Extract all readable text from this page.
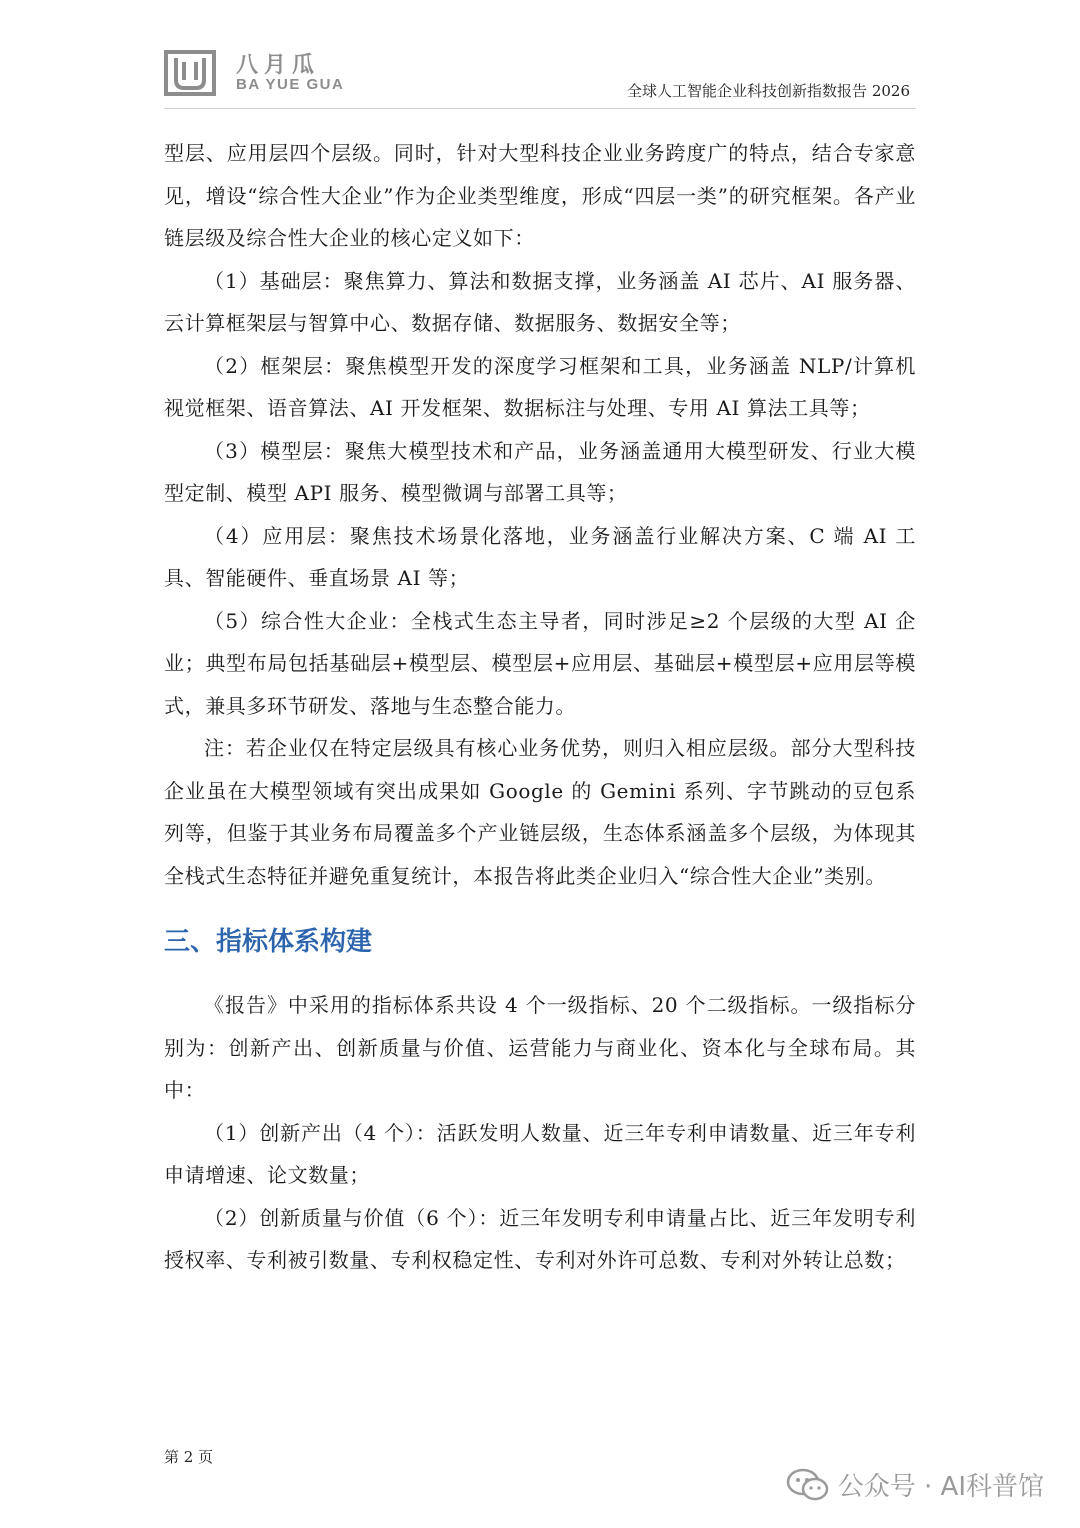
八月瓜
BA YUE GUA	全球人工智能企业科技创新指数报告 2026

型层、应用层四个层级。同时，针对大型科技企业业务跨度广的特点，结合专家意见，增设“综合性大企业”作为企业类型维度，形成“四层一类”的研究框架。各产业链层级及综合性大企业的核心定义如下：

（1）基础层：聚焦算力、算法和数据支撑，业务涵盖 AI 芯片、AI 服务器、云计算框架层与智算中心、数据存储、数据服务、数据安全等；

（2）框架层：聚焦模型开发的深度学习框架和工具，业务涵盖 NLP/计算机视觉框架、语音算法、AI 开发框架、数据标注与处理、专用 AI 算法工具等；

（3）模型层：聚焦大模型技术和产品，业务涵盖通用大模型研发、行业大模型定制、模型 API 服务、模型微调与部署工具等；

（4）应用层：聚焦技术场景化落地，业务涵盖行业解决方案、C 端 AI 工具、智能硬件、垂直场景 AI 等；

（5）综合性大企业：全栈式生态主导者，同时涉足≥2 个层级的大型 AI 企业；典型布局包括基础层+模型层、模型层+应用层、基础层+模型层+应用层等模式，兼具多环节研发、落地与生态整合能力。

注：若企业仅在特定层级具有核心业务优势，则归入相应层级。部分大型科技企业虽在大模型领域有突出成果如 Google 的 Gemini 系列、字节跳动的豆包系列等，但鉴于其业务布局覆盖多个产业链层级，生态体系涵盖多个层级，为体现其全栈式生态特征并避免重复统计，本报告将此类企业归入“综合性大企业”类别。

三、指标体系构建

《报告》中采用的指标体系共设 4 个一级指标、20 个二级指标。一级指标分别为：创新产出、创新质量与价值、运营能力与商业化、资本化与全球布局。其中：

（1）创新产出（4 个）：活跃发明人数量、近三年专利申请数量、近三年专利申请增速、论文数量；

（2）创新质量与价值（6 个）：近三年发明专利申请量占比、近三年发明专利授权率、专利被引数量、专利权稳定性、专利对外许可总数、专利对外转让总数；

第 2 页
公众号 · AI科普馆
